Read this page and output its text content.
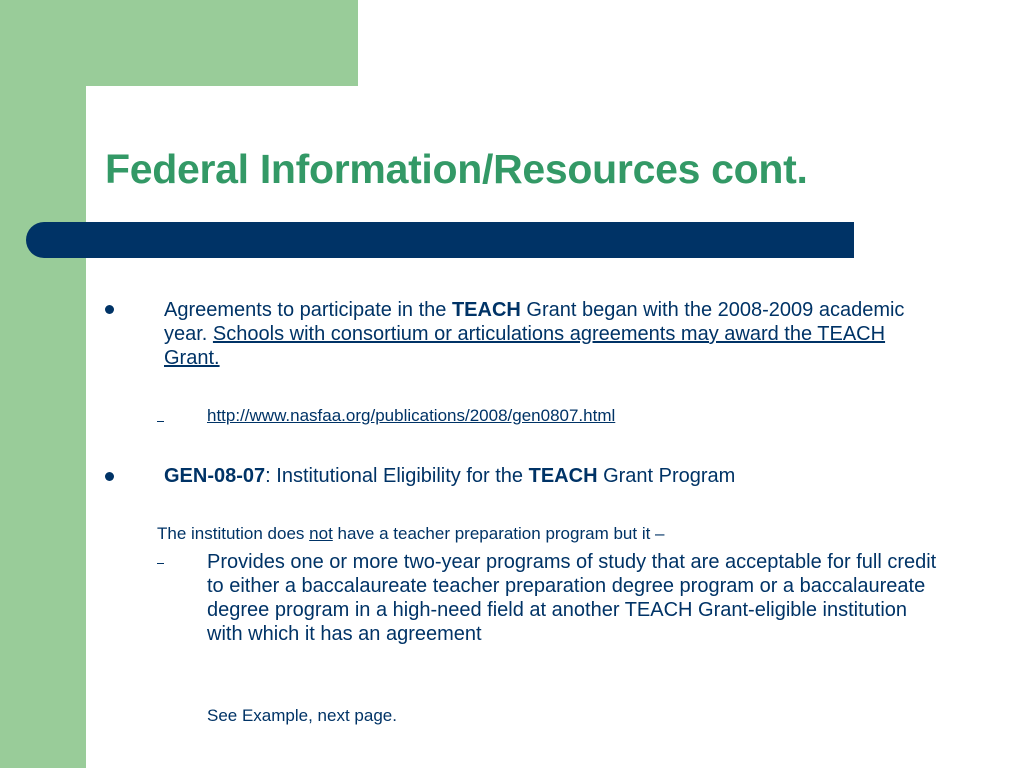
Federal Information/Resources cont.
Agreements to participate in the TEACH Grant began with the 2008-2009 academic year. Schools with consortium or articulations agreements may award the TEACH Grant.
http://www.nasfaa.org/publications/2008/gen0807.html
GEN-08-07: Institutional Eligibility for the TEACH Grant Program
The institution does not have a teacher preparation program but it –
Provides one or more two-year programs of study that are acceptable for full credit to either a baccalaureate teacher preparation degree program or a baccalaureate degree program in a high-need field at another TEACH Grant-eligible institution with which it has an agreement
See Example, next page.
